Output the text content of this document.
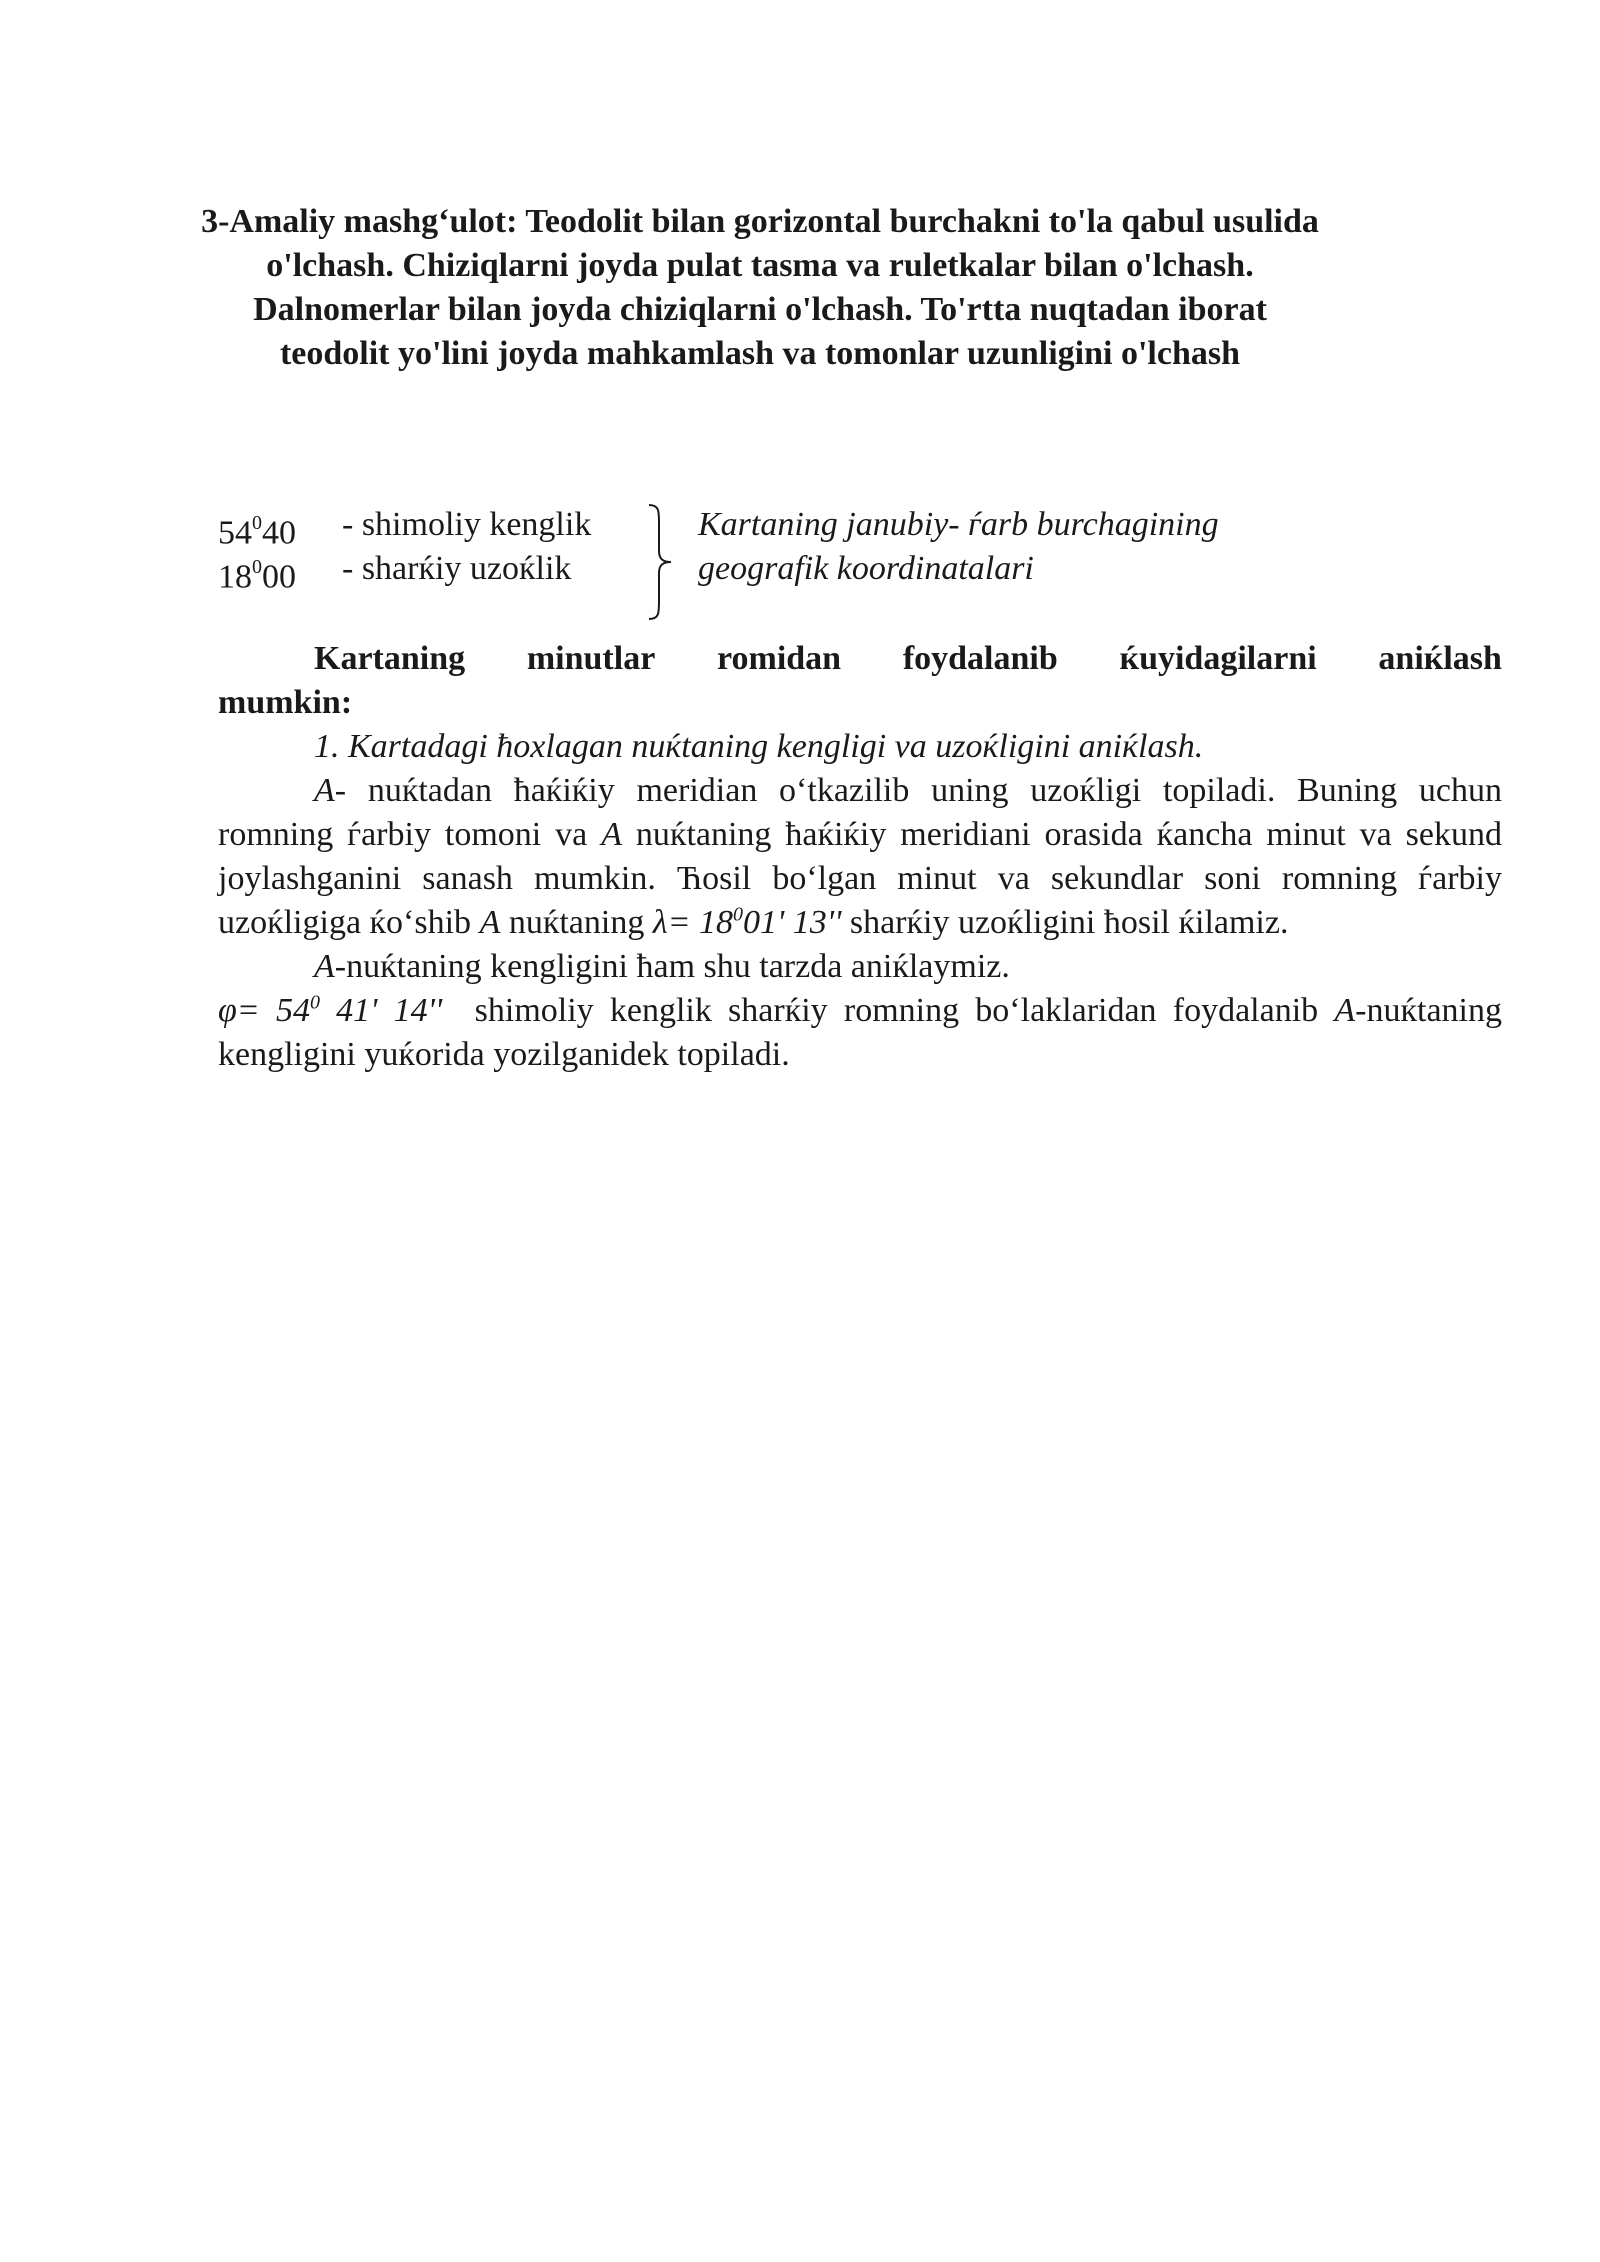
3-Amaliy mashg‘ulot: Teodolit bilan gorizontal burchakni to'la qabul usulida o'lchash. Chiziqlarni joyda pulat tasma va ruletkalar bilan o'lchash. Dalnomerlar bilan joyda chiziqlarni o'lchash. To'rtta nuqtadan iborat teodolit yo'lini joyda mahkamlash va tomonlar uzunligini o'lchash
$54^040$ - shimoliy kenglik
$18^000$ - sharќiy uzoќlik
Kartaning janubiy- ѓarb burchagining
geografik koordinatalari

Kartaning minutlar romidan foydalanib ќuyidagilarni aniќlash

mumkin:

1. Kartadagi ћoxlagan nuќtaning kengligi va uzoќligini aniќlash.

A- nuќtadan ћaќiќiy meridian o‘tkazilib uning uzoќligi topiladi. Buning uchun romning ѓarbiy tomoni va A nuќtaning ћaќiќiy meridiani orasida ќancha minut va sekund joylashganini sanash mumkin. Ћosil bo‘lgan minut va sekundlar soni romning ѓarbiy uzoќligiga ќo‘shib A nuќtaning $\lambda= 18^001'$ 13'' sharќiy uzoќligini ћosil ќilamiz.

A-nuќtaning kengligini ћam shu tarzda aniќlaymiz.

$\varphi= 54^0$ 41' 14''  shimoliy kenglik sharќiy romning bo‘laklaridan foydalanib A-nuќtaning kengligini yuќorida yozilganidek topiladi.
